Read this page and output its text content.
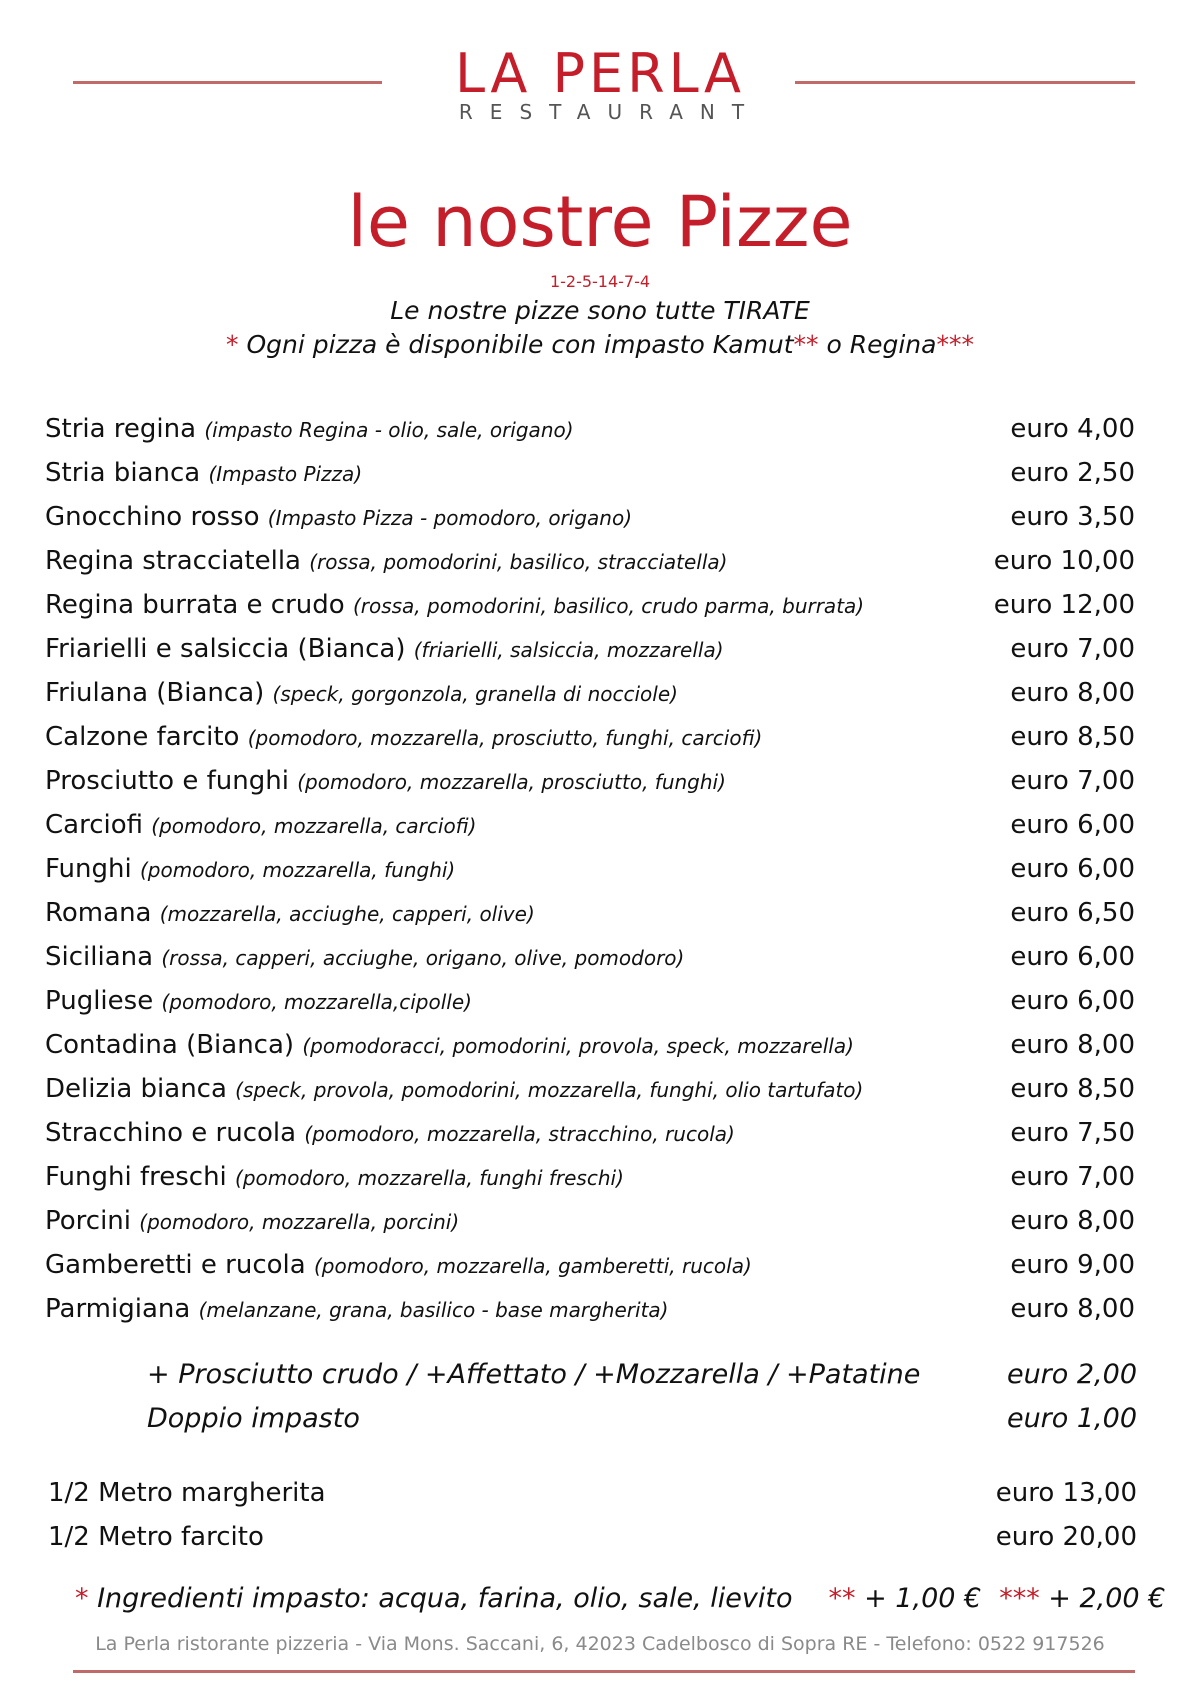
LA PERLA
RESTAURANT
le nostre Pizze
1-2-5-14-7-4
Le nostre pizze sono tutte TIRATE
* Ogni pizza è disponibile con impasto Kamut** o Regina***
Stria regina (impasto Regina - olio, sale, origano)	euro 4,00
Stria bianca (Impasto Pizza)	euro 2,50
Gnocchino rosso (Impasto Pizza - pomodoro, origano)	euro 3,50
Regina stracciatella (rossa, pomodorini, basilico, stracciatella)	euro 10,00
Regina burrata e crudo (rossa, pomodorini, basilico, crudo parma, burrata)	euro 12,00
Friarielli e salsiccia (Bianca) (friarielli, salsiccia, mozzarella)	euro 7,00
Friulana (Bianca) (speck, gorgonzola, granella di nocciole)	euro 8,00
Calzone farcito (pomodoro, mozzarella, prosciutto, funghi, carciofi)	euro 8,50
Prosciutto e funghi (pomodoro, mozzarella, prosciutto, funghi)	euro 7,00
Carciofi (pomodoro, mozzarella, carciofi)	euro 6,00
Funghi (pomodoro, mozzarella, funghi)	euro 6,00
Romana (mozzarella, acciughe, capperi, olive)	euro 6,50
Siciliana (rossa, capperi, acciughe, origano, olive, pomodoro)	euro 6,00
Pugliese (pomodoro, mozzarella,cipolle)	euro 6,00
Contadina (Bianca) (pomodoracci, pomodorini, provola, speck, mozzarella)	euro 8,00
Delizia bianca (speck, provola, pomodorini, mozzarella, funghi, olio tartufato)	euro 8,50
Stracchino e rucola (pomodoro, mozzarella, stracchino, rucola)	euro 7,50
Funghi freschi (pomodoro, mozzarella, funghi freschi)	euro 7,00
Porcini (pomodoro, mozzarella, porcini)	euro 8,00
Gamberetti e rucola (pomodoro, mozzarella, gamberetti, rucola)	euro 9,00
Parmigiana (melanzane, grana, basilico - base margherita)	euro 8,00
+ Prosciutto crudo / +Affettato / +Mozzarella / +Patatine	euro 2,00
Doppio impasto	euro 1,00
1/2 Metro margherita	euro 13,00
1/2 Metro farcito	euro 20,00
* Ingredienti impasto: acqua, farina, olio, sale, lievito ** + 1,00 € *** + 2,00 €
La Perla ristorante pizzeria - Via Mons. Saccani, 6, 42023 Cadelbosco di Sopra RE - Telefono: 0522 917526
